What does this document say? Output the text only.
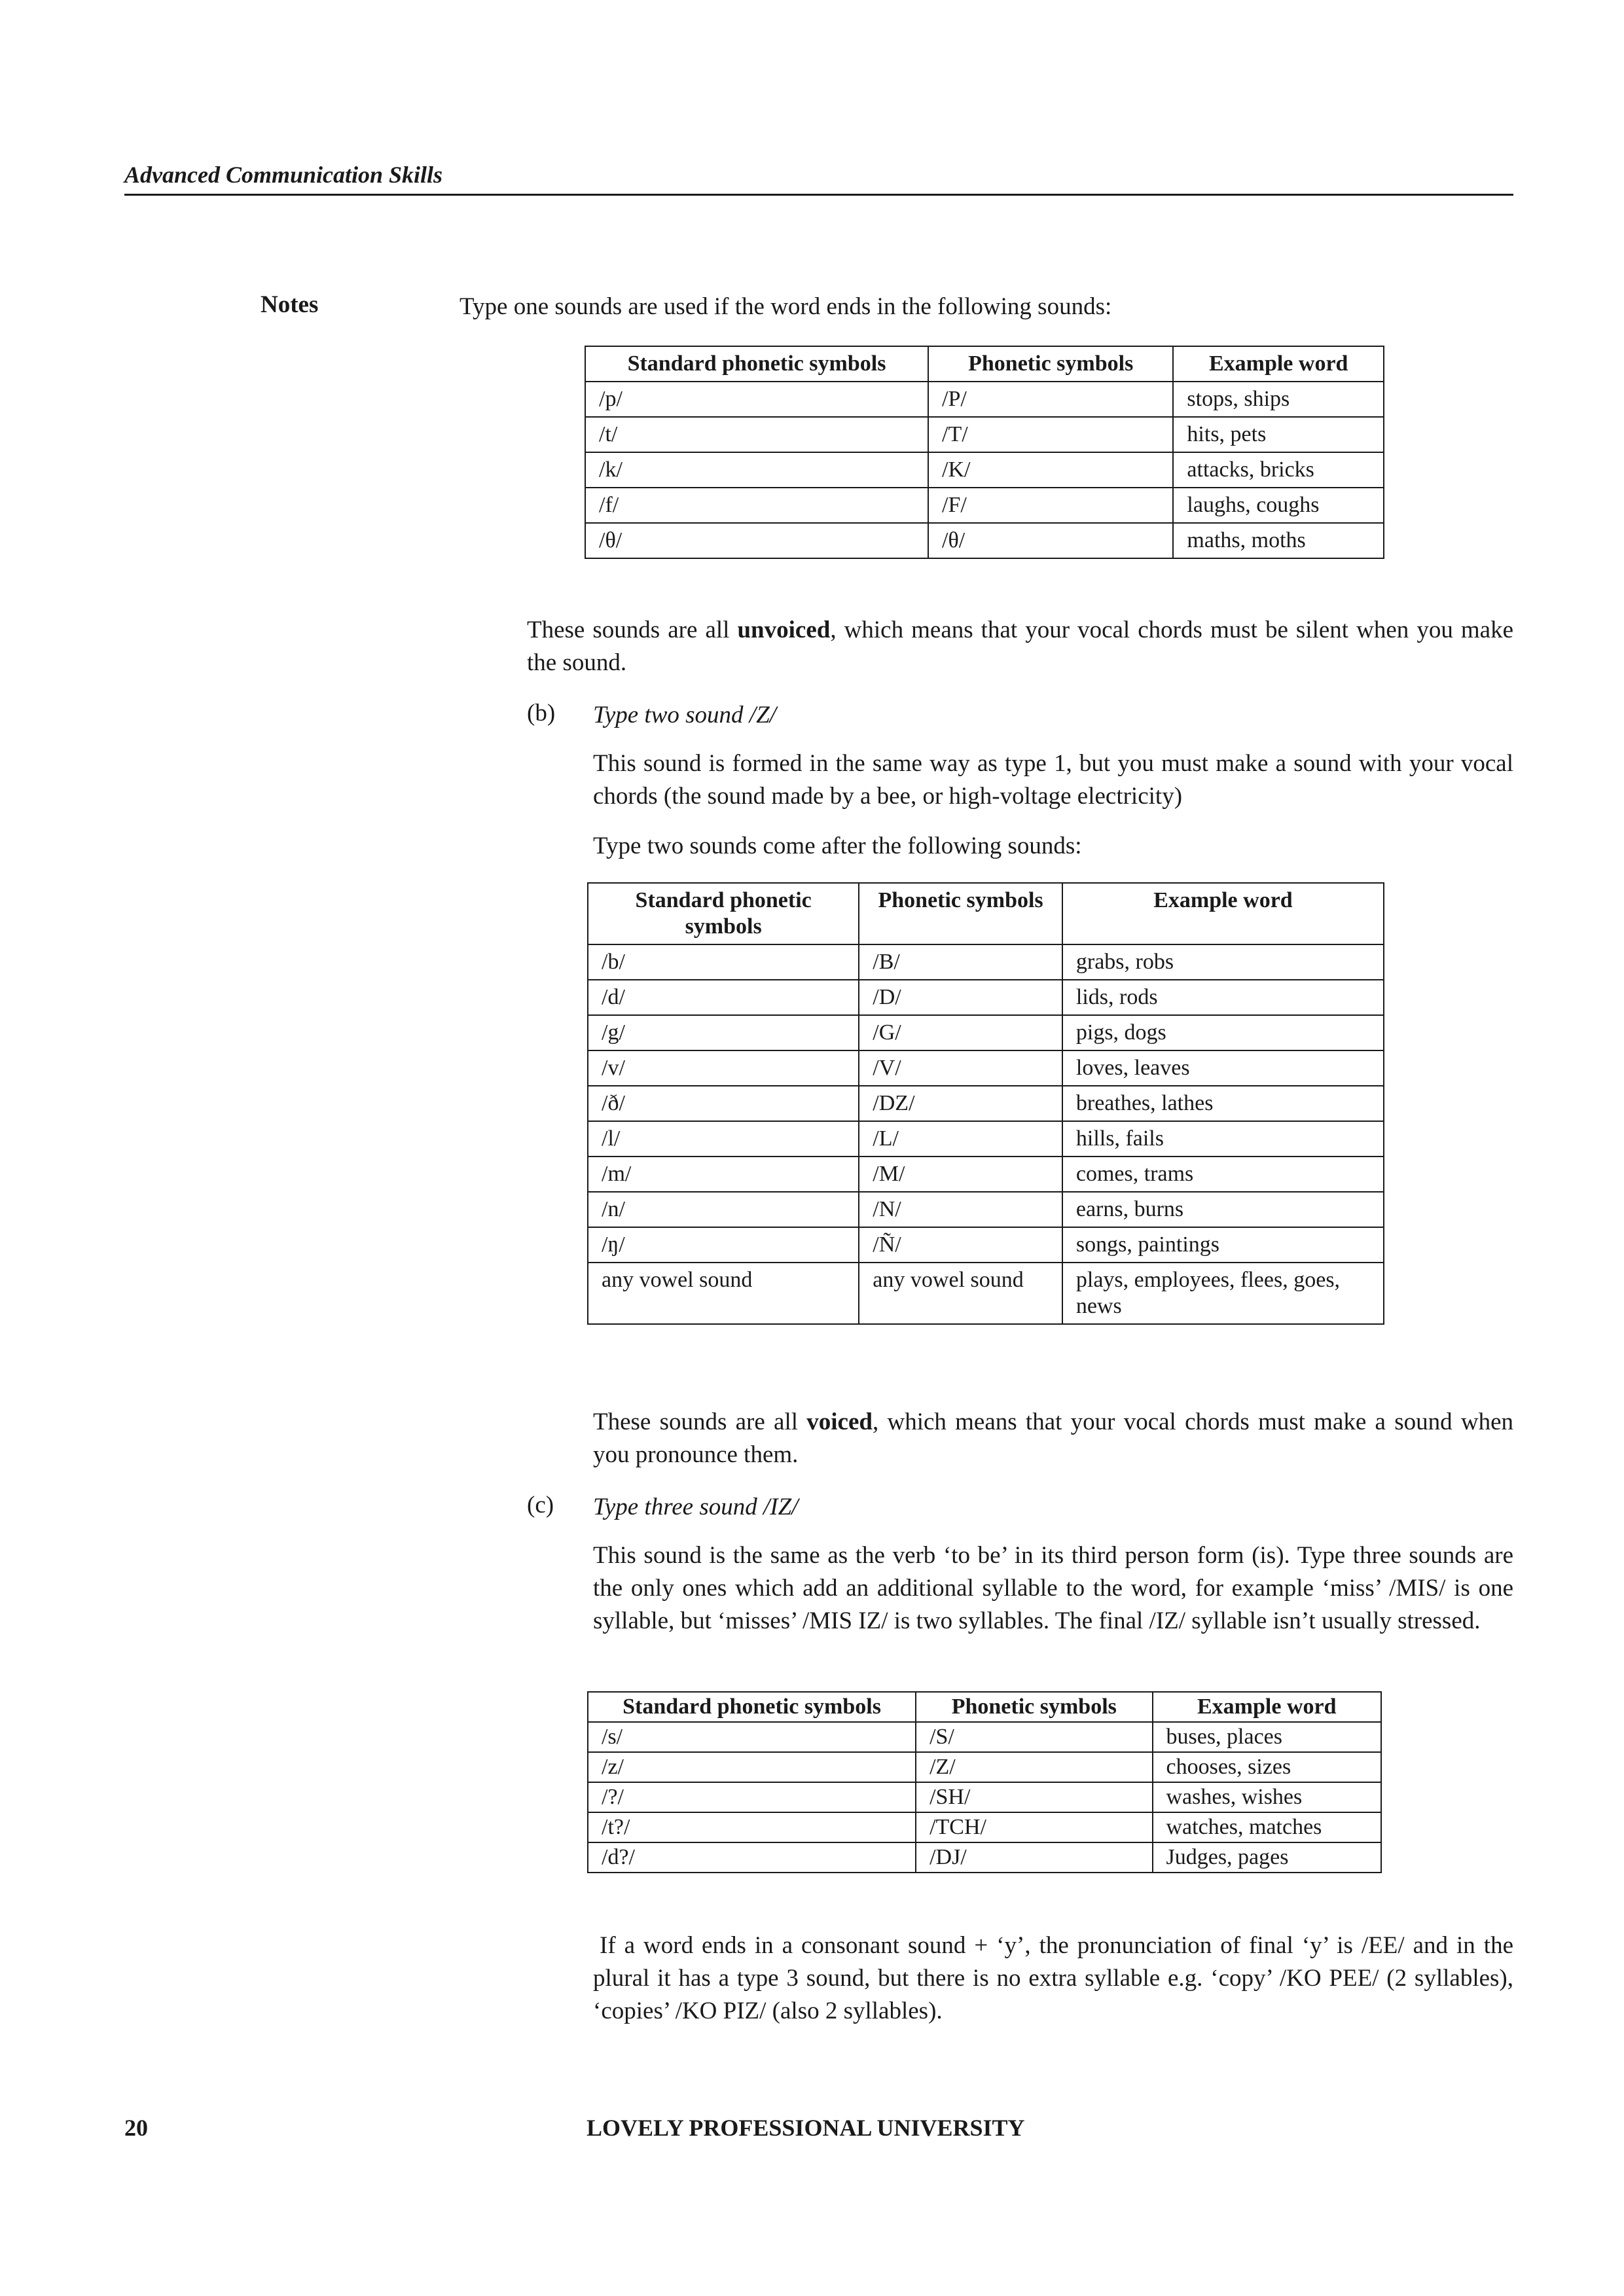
Advanced Communication Skills
Notes	Type one sounds are used if the word ends in the following sounds:

Standard phonetic symbols	Phonetic symbols	Example word
/p/	/P/	stops, ships
/t/	/T/	hits, pets
/k/	/K/	attacks, bricks
/f/	/F/	laughs, coughs
/θ/	/θ/	maths, moths

These sounds are all unvoiced, which means that your vocal chords must be silent when you make the sound.

(b) Type two sound /Z/

This sound is formed in the same way as type 1, but you must make a sound with your vocal chords (the sound made by a bee, or high-voltage electricity)

Type two sounds come after the following sounds:

Standard phonetic symbols	Phonetic symbols	Example word
/b/	/B/	grabs, robs
/d/	/D/	lids, rods
/g/	/G/	pigs, dogs
/v/	/V/	loves, leaves
/ð/	/DZ/	breathes, lathes
/l/	/L/	hills, fails
/m/	/M/	comes, trams
/n/	/N/	earns, burns
/ŋ/	/Ñ/	songs, paintings
any vowel sound	any vowel sound	plays, employees, flees, goes, news

These sounds are all voiced, which means that your vocal chords must make a sound when you pronounce them.

(c) Type three sound /IZ/

This sound is the same as the verb ‘to be’ in its third person form (is). Type three sounds are the only ones which add an additional syllable to the word, for example ‘miss’ /MIS/ is one syllable, but ‘misses’ /MIS IZ/ is two syllables. The final /IZ/ syllable isn’t usually stressed.

Standard phonetic symbols	Phonetic symbols	Example word
/s/	/S/	buses, places
/z/	/Z/	chooses, sizes
/?/	/SH/	washes, wishes
/t?/	/TCH/	watches, matches
/d?/	/DJ/	Judges, pages

If a word ends in a consonant sound + ‘y’, the pronunciation of final ‘y’ is /EE/ and in the plural it has a type 3 sound, but there is no extra syllable e.g. ‘copy’ /KO PEE/ (2 syllables), ‘copies’ /KO PIZ/ (also 2 syllables).

20	LOVELY PROFESSIONAL UNIVERSITY
